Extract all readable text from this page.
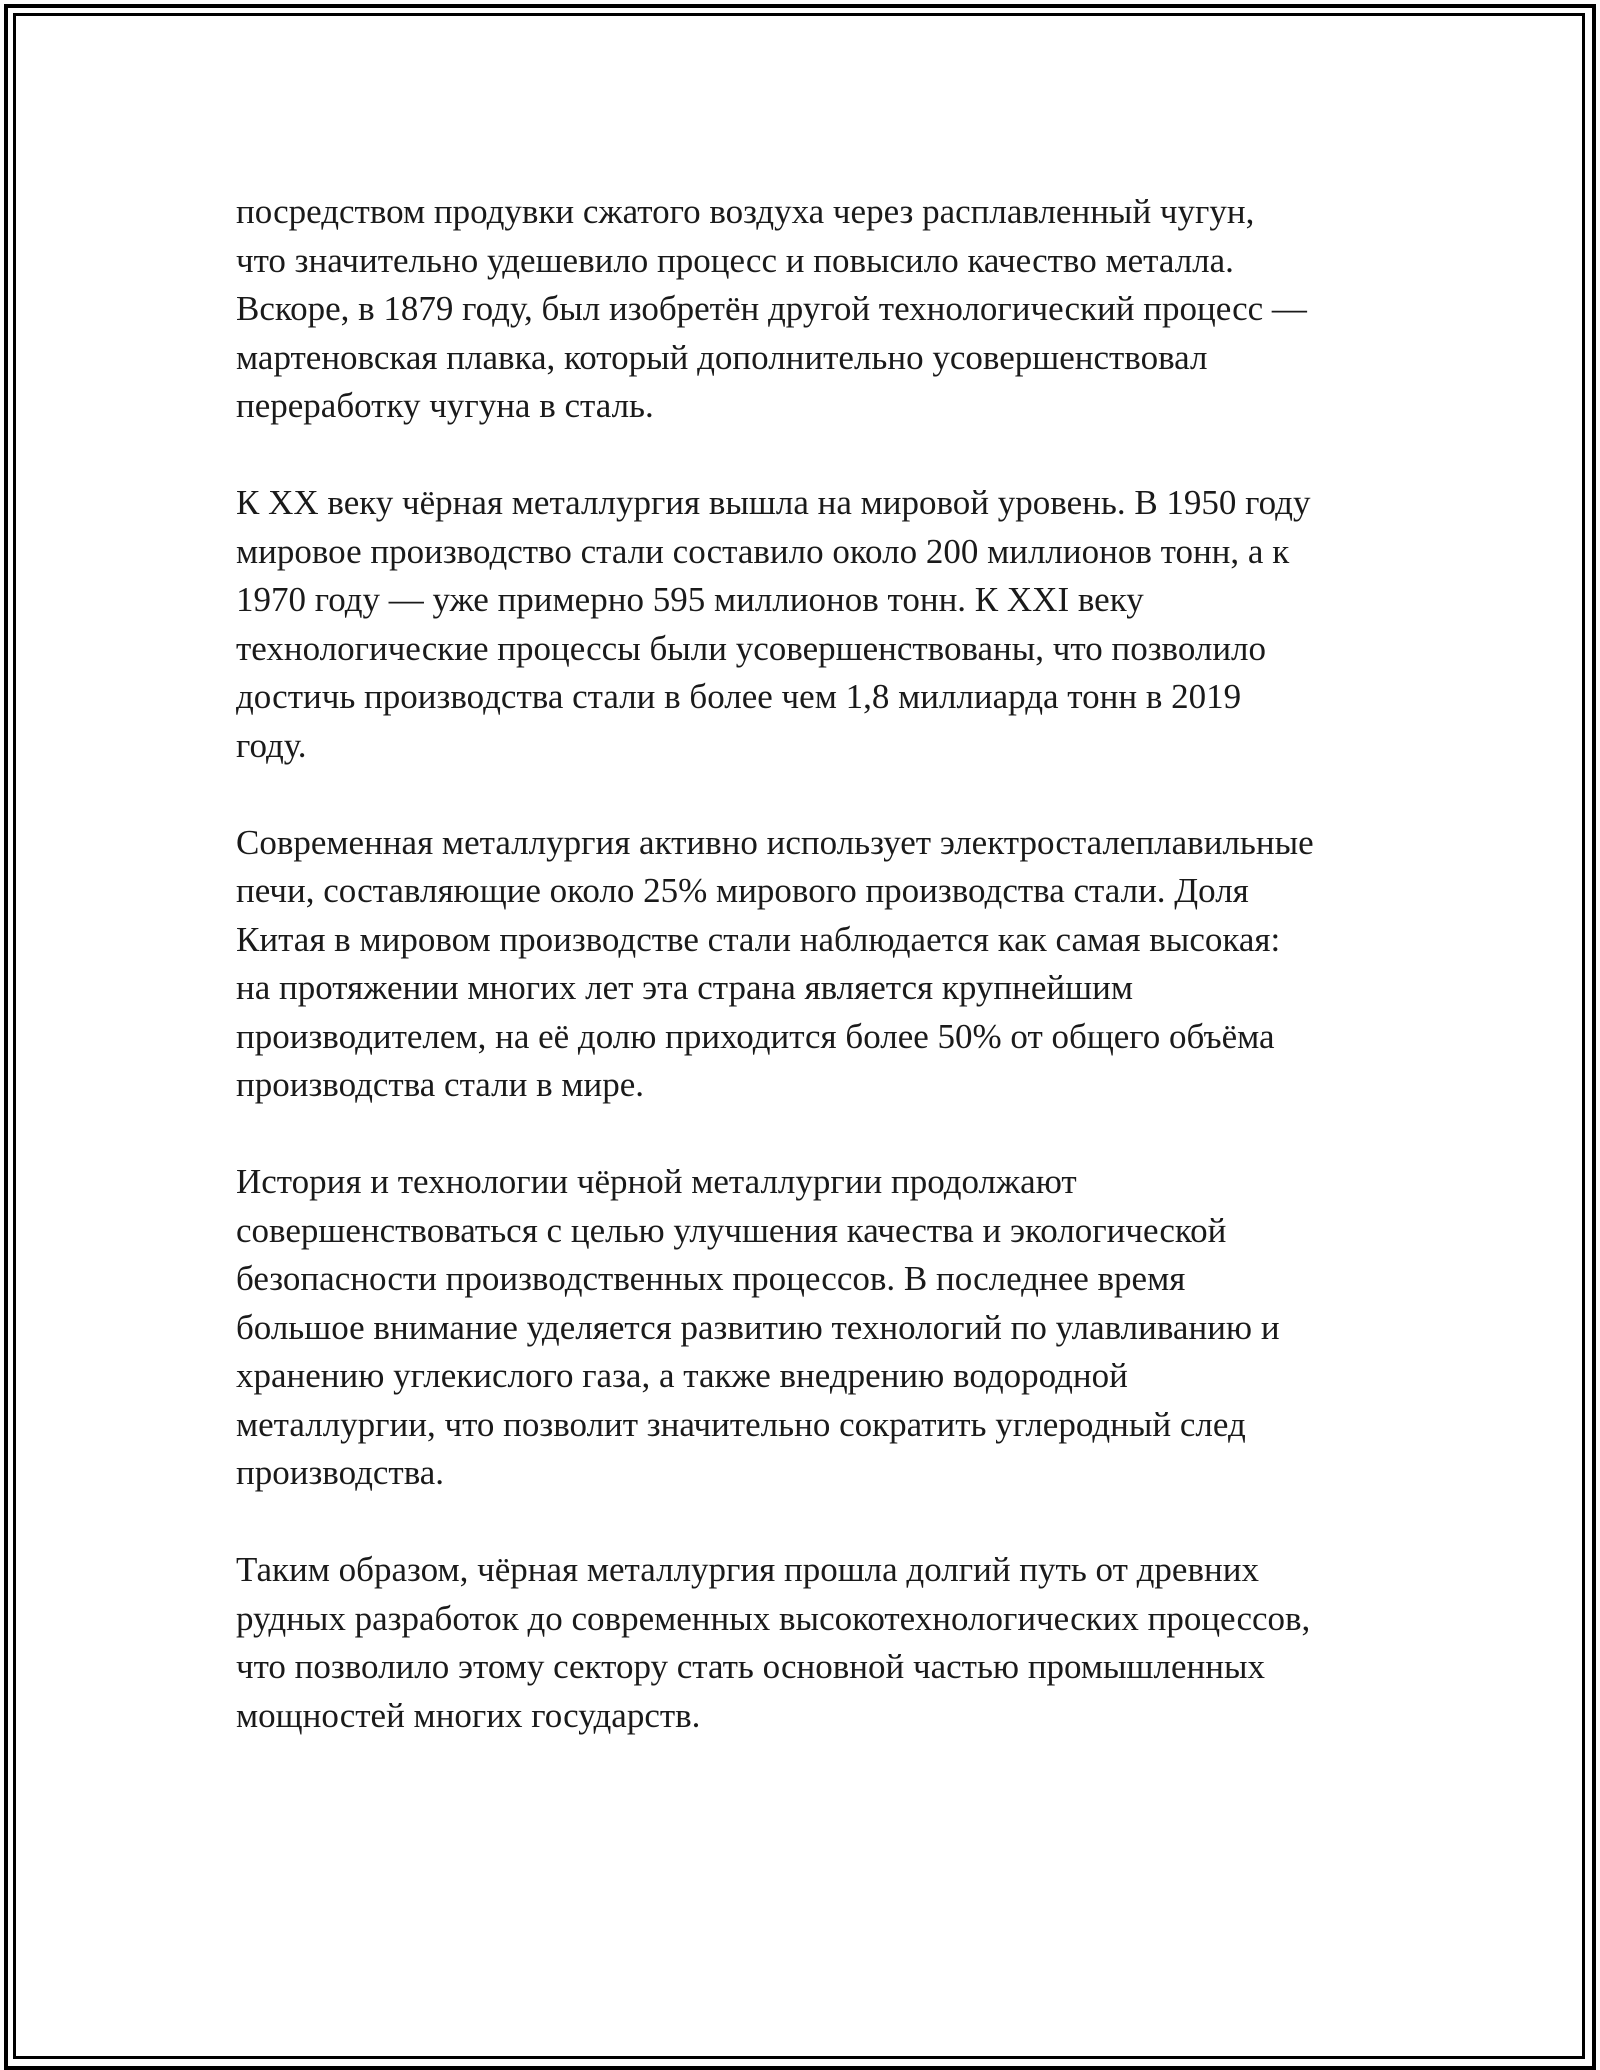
посредством продувки сжатого воздуха через расплавленный чугун,
что значительно удешевило процесс и повысило качество металла.
Вскоре, в 1879 году, был изобретён другой технологический процесс —
мартеновская плавка, который дополнительно усовершенствовал
переработку чугуна в сталь.

К XX веку чёрная металлургия вышла на мировой уровень. В 1950 году
мировое производство стали составило около 200 миллионов тонн, а к
1970 году — уже примерно 595 миллионов тонн. К XXI веку
технологические процессы были усовершенствованы, что позволило
достичь производства стали в более чем 1,8 миллиарда тонн в 2019
году.

Современная металлургия активно использует электросталеплавильные
печи, составляющие около 25% мирового производства стали. Доля
Китая в мировом производстве стали наблюдается как самая высокая:
на протяжении многих лет эта страна является крупнейшим
производителем, на её долю приходится более 50% от общего объёма
производства стали в мире.

История и технологии чёрной металлургии продолжают
совершенствоваться с целью улучшения качества и экологической
безопасности производственных процессов. В последнее время
большое внимание уделяется развитию технологий по улавливанию и
хранению углекислого газа, а также внедрению водородной
металлургии, что позволит значительно сократить углеродный след
производства.

Таким образом, чёрная металлургия прошла долгий путь от древних
рудных разработок до современных высокотехнологических процессов,
что позволило этому сектору стать основной частью промышленных
мощностей многих государств.
